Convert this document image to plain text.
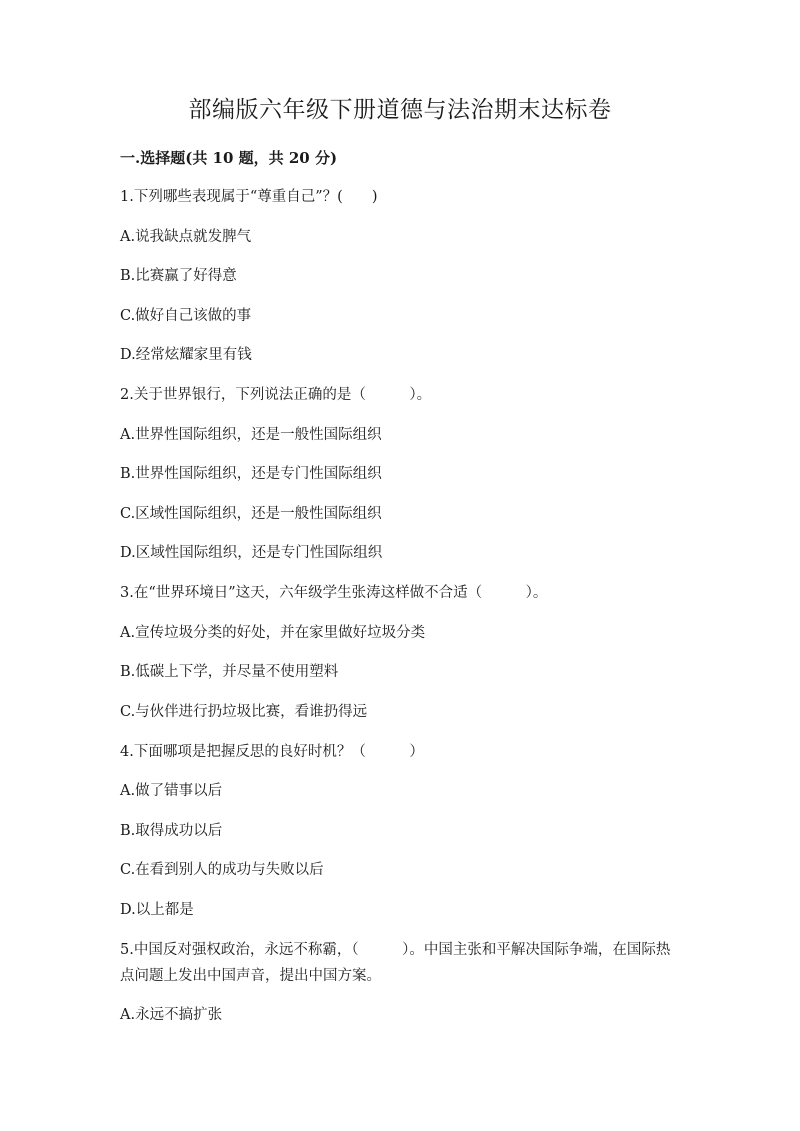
部编版六年级下册道德与法治期末达标卷
一.选择题(共 10 题，共 20 分)

1.下列哪些表现属于“尊重自己”？(　　)

A.说我缺点就发脾气

B.比赛赢了好得意

C.做好自己该做的事

D.经常炫耀家里有钱

2.关于世界银行，下列说法正确的是（　　　）。

A.世界性国际组织，还是一般性国际组织

B.世界性国际组织，还是专门性国际组织

C.区域性国际组织，还是一般性国际组织

D.区域性国际组织，还是专门性国际组织

3.在“世界环境日”这天，六年级学生张涛这样做不合适（　　　）。

A.宣传垃圾分类的好处，并在家里做好垃圾分类

B.低碳上下学，并尽量不使用塑料

C.与伙伴进行扔垃圾比赛，看谁扔得远

4.下面哪项是把握反思的良好时机？（　　　）

A.做了错事以后

B.取得成功以后

C.在看到别人的成功与失败以后

D.以上都是

5.中国反对强权政治，永远不称霸，（　　　）。中国主张和平解决国际争端，在国际热点问题上发出中国声音，提出中国方案。

A.永远不搞扩张
